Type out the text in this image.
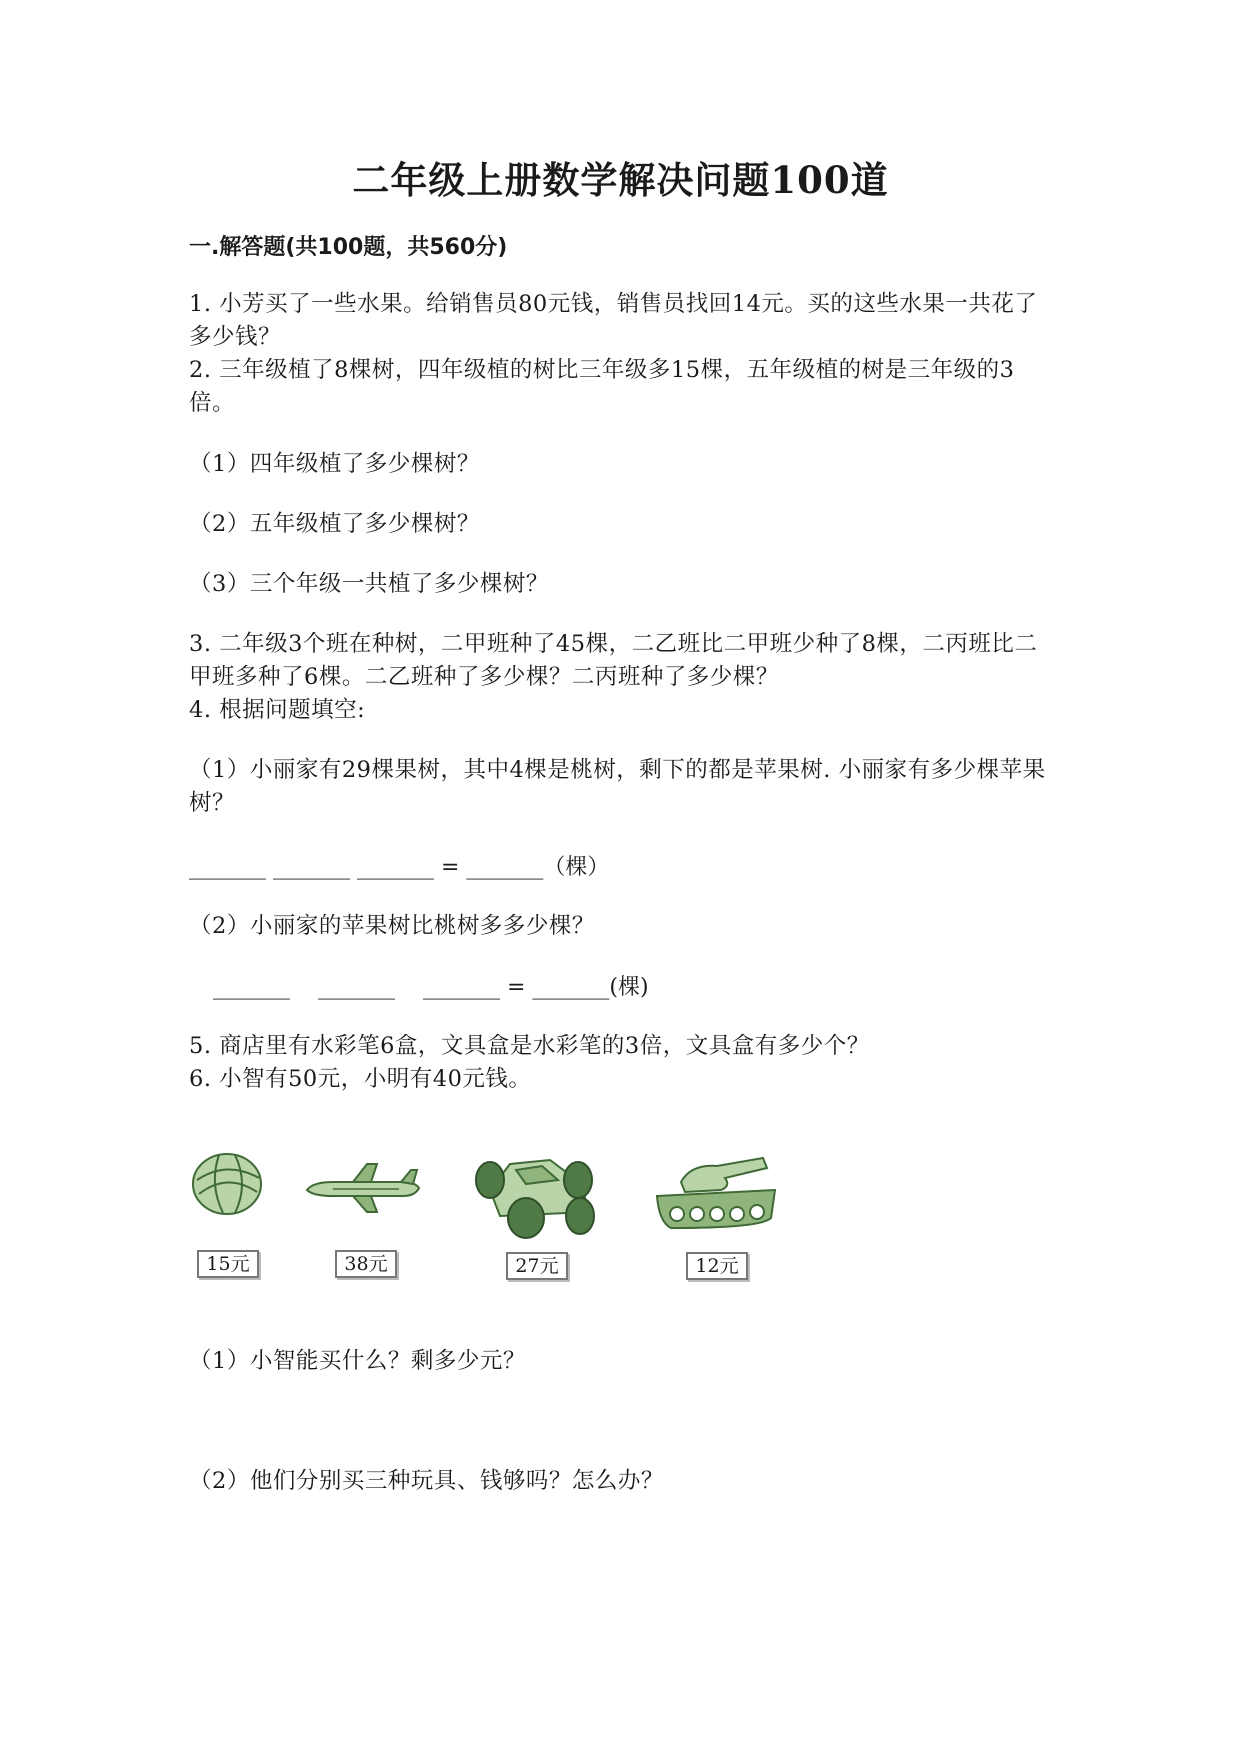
二年级上册数学解决问题100道
一.解答题(共100题，共560分)
1. 小芳买了一些水果。给销售员80元钱，销售员找回14元。买的这些水果一共花了多少钱？
2. 三年级植了8棵树，四年级植的树比三年级多15棵，五年级植的树是三年级的3倍。
（1）四年级植了多少棵树？
（2）五年级植了多少棵树？
（3）三个年级一共植了多少棵树？
3. 二年级3个班在种树，二甲班种了45棵，二乙班比二甲班少种了8棵，二丙班比二甲班多种了6棵。二乙班种了多少棵？二丙班种了多少棵？
4. 根据问题填空:
（1）小丽家有29棵果树，其中4棵是桃树，剩下的都是苹果树. 小丽家有多少棵苹果树？
_______ _______ _______ = _______（棵）
（2）小丽家的苹果树比桃树多多少棵？
_______    _______    _______ = _______(棵)
5. 商店里有水彩笔6盒，文具盒是水彩笔的3倍，文具盒有多少个？
6. 小智有50元，小明有40元钱。
15元	38元	27元	12元
（1）小智能买什么？剩多少元？
（2）他们分别买三种玩具、钱够吗？怎么办？
